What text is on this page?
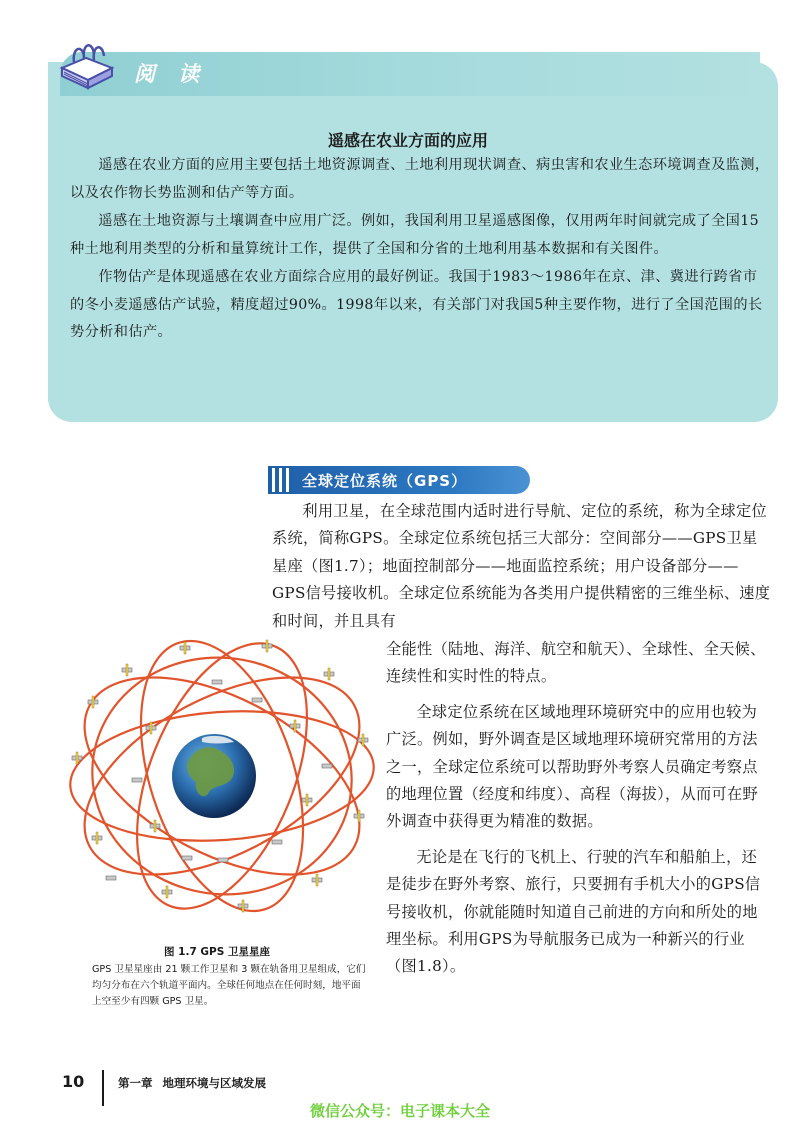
阅 读
遥感在农业方面的应用

遥感在农业方面的应用主要包括土地资源调查、土地利用现状调查、病虫害和农业生态环境调查及监测，以及农作物长势监测和估产等方面。

遥感在土地资源与土壤调查中应用广泛。例如，我国利用卫星遥感图像，仅用两年时间就完成了全国15种土地利用类型的分析和量算统计工作，提供了全国和分省的土地利用基本数据和有关图件。

作物估产是体现遥感在农业方面综合应用的最好例证。我国于1983～1986年在京、津、冀进行跨省市的冬小麦遥感估产试验，精度超过90%。1998年以来，有关部门对我国5种主要作物，进行了全国范围的长势分析和估产。

全球定位系统（GPS）

利用卫星，在全球范围内适时进行导航、定位的系统，称为全球定位系统，简称GPS。全球定位系统包括三大部分：空间部分——GPS卫星星座（图1.7）；地面控制部分——地面监控系统；用户设备部分——GPS信号接收机。全球定位系统能为各类用户提供精密的三维坐标、速度和时间，并且具有

全能性（陆地、海洋、航空和航天）、全球性、全天候、连续性和实时性的特点。

全球定位系统在区域地理环境研究中的应用也较为广泛。例如，野外调查是区域地理环境研究常用的方法之一，全球定位系统可以帮助野外考察人员确定考察点的地理位置（经度和纬度）、高程（海拔），从而可在野外调查中获得更为精准的数据。

无论是在飞行的飞机上、行驶的汽车和船舶上，还是徒步在野外考察、旅行，只要拥有手机大小的GPS信号接收机，你就能随时知道自己前进的方向和所处的地理坐标。利用GPS为导航服务已成为一种新兴的行业（图1.8）。

图 1.7 GPS 卫星星座
GPS 卫星星座由 21 颗工作卫星和 3 颗在轨备用卫星组成，它们均匀分布在六个轨道平面内。全球任何地点在任何时刻，地平面上空至少有四颗 GPS 卫星。
10	第一章 地理环境与区域发展
微信公众号：电子课本大全
